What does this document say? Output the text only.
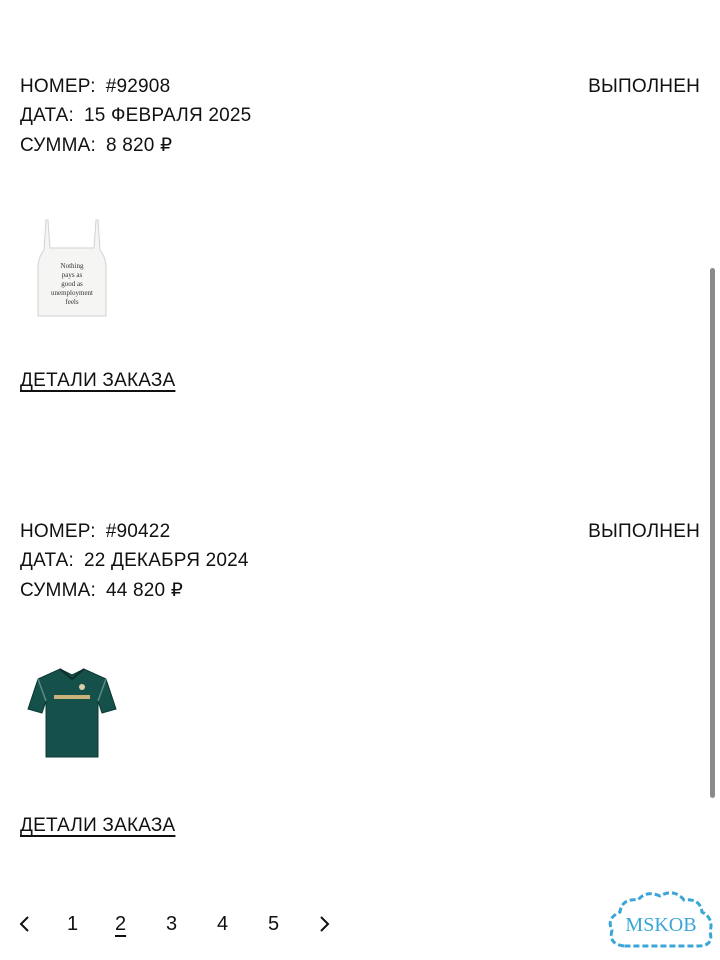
НОМЕР: #92908	ВЫПОЛНЕН
ДАТА: 15 ФЕВРАЛЯ 2025
СУММА: 8 820 ₽
Nothing
pays as
good as
unemployment
feels
ДЕТАЛИ ЗАКАЗА
НОМЕР: #90422	ВЫПОЛНЕН
ДАТА: 22 ДЕКАБРЯ 2024
СУММА: 44 820 ₽
ДЕТАЛИ ЗАКАЗА
1 2 3 4 5	MSKOB
